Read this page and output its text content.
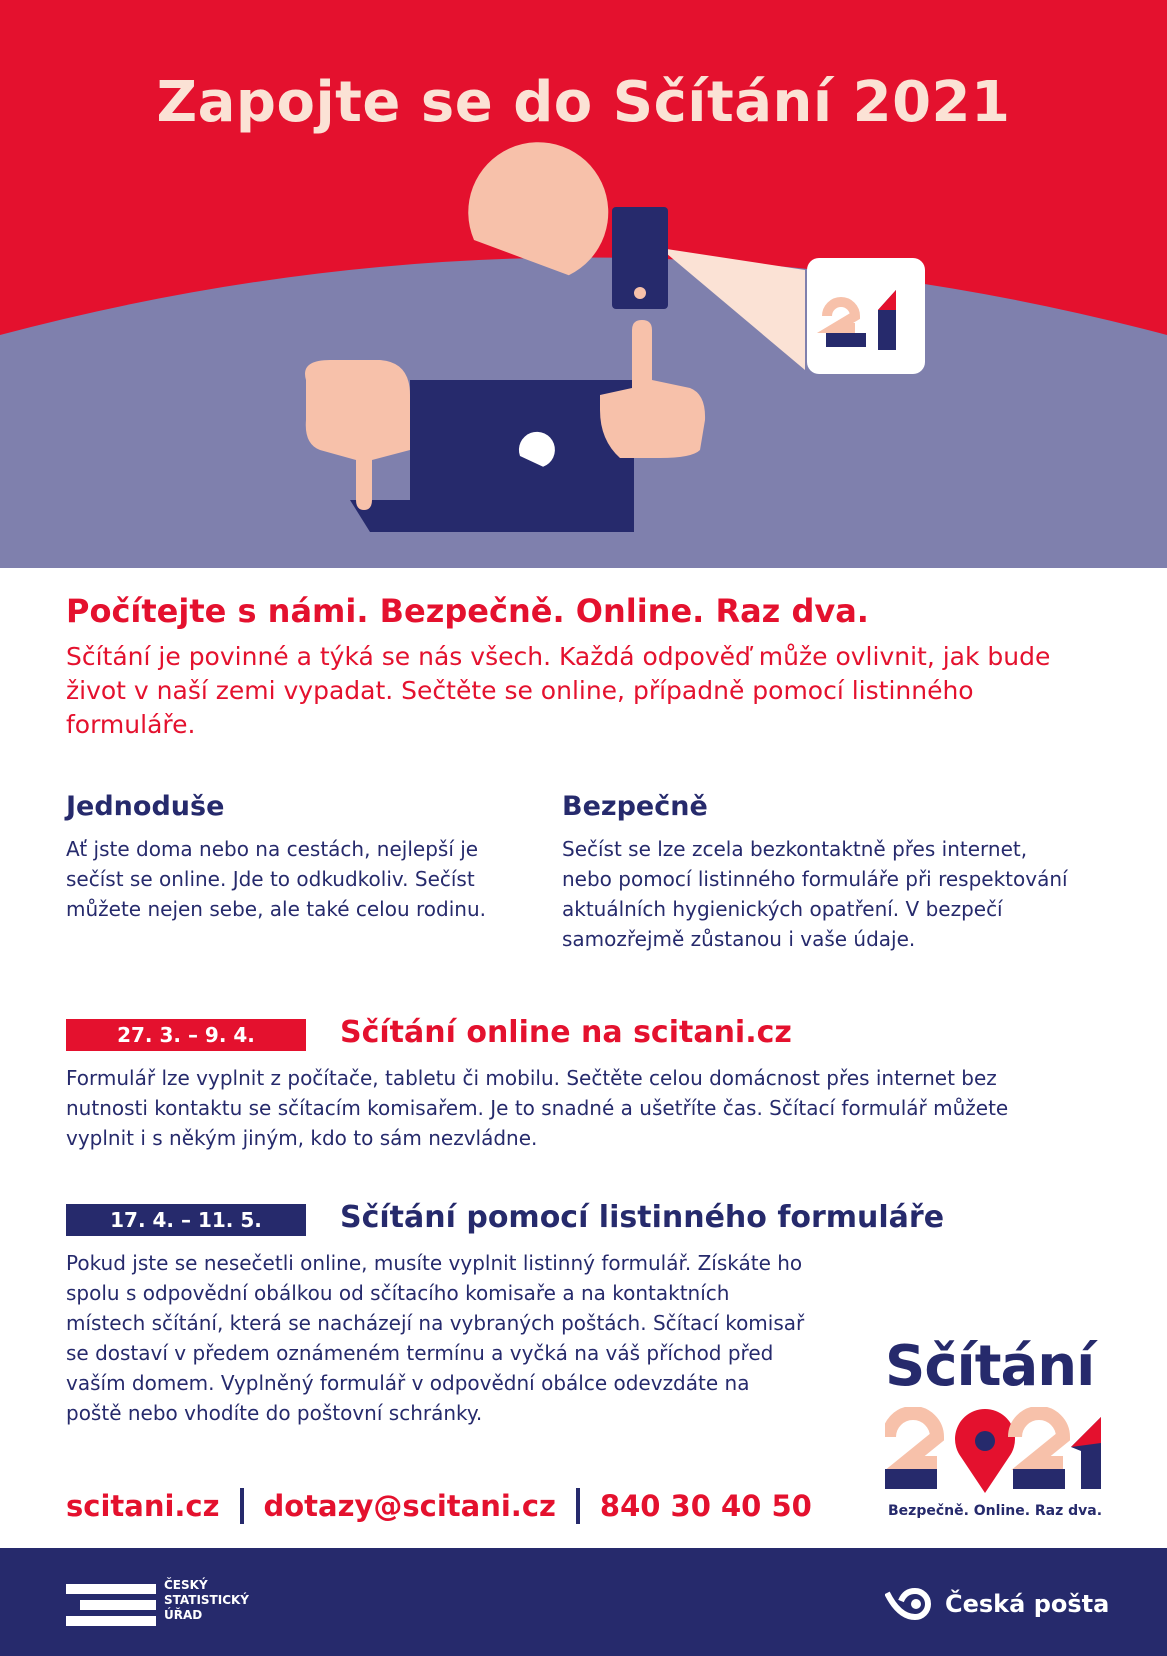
Zapojte se do Sčítání 2021
Počítejte s námi. Bezpečně. Online. Raz dva.

Sčítání je povinné a týká se nás všech. Každá odpověď může ovlivnit, jak bude život v naší zemi vypadat. Sečtěte se online, případně pomocí listinného formuláře.

Jednoduše

Ať jste doma nebo na cestách, nejlepší je sečíst se online. Jde to odkudkoliv. Sečíst můžete nejen sebe, ale také celou rodinu.

Bezpečně

Sečíst se lze zcela bezkontaktně přes internet, nebo pomocí listinného formuláře při respektování aktuálních hygienických opatření. V bezpečí samozřejmě zůstanou i vaše údaje.

27. 3. – 9. 4.	Sčítání online na scitani.cz

Formulář lze vyplnit z počítače, tabletu či mobilu. Sečtěte celou domácnost přes internet bez nutnosti kontaktu se sčítacím komisařem. Je to snadné a ušetříte čas. Sčítací formulář můžete vyplnit i s někým jiným, kdo to sám nezvládne.

17. 4. – 11. 5.	Sčítání pomocí listinného formuláře

Pokud jste se nesečetli online, musíte vyplnit listinný formulář. Získáte ho spolu s odpovědní obálkou od sčítacího komisaře a na kontaktních místech sčítání, která se nacházejí na vybraných poštách. Sčítací komisař se dostaví v předem oznámeném termínu a vyčká na váš příchod před vaším domem. Vyplněný formulář v odpovědní obálce odevzdáte na poště nebo vhodíte do poštovní schránky.

scitani.cz dotazy@scitani.cz 840 30 40 50
Sčítání
Bezpečně. Online. Raz dva.
ČESKÝ
STATISTICKÝ
ÚŘAD	Česká pošta
